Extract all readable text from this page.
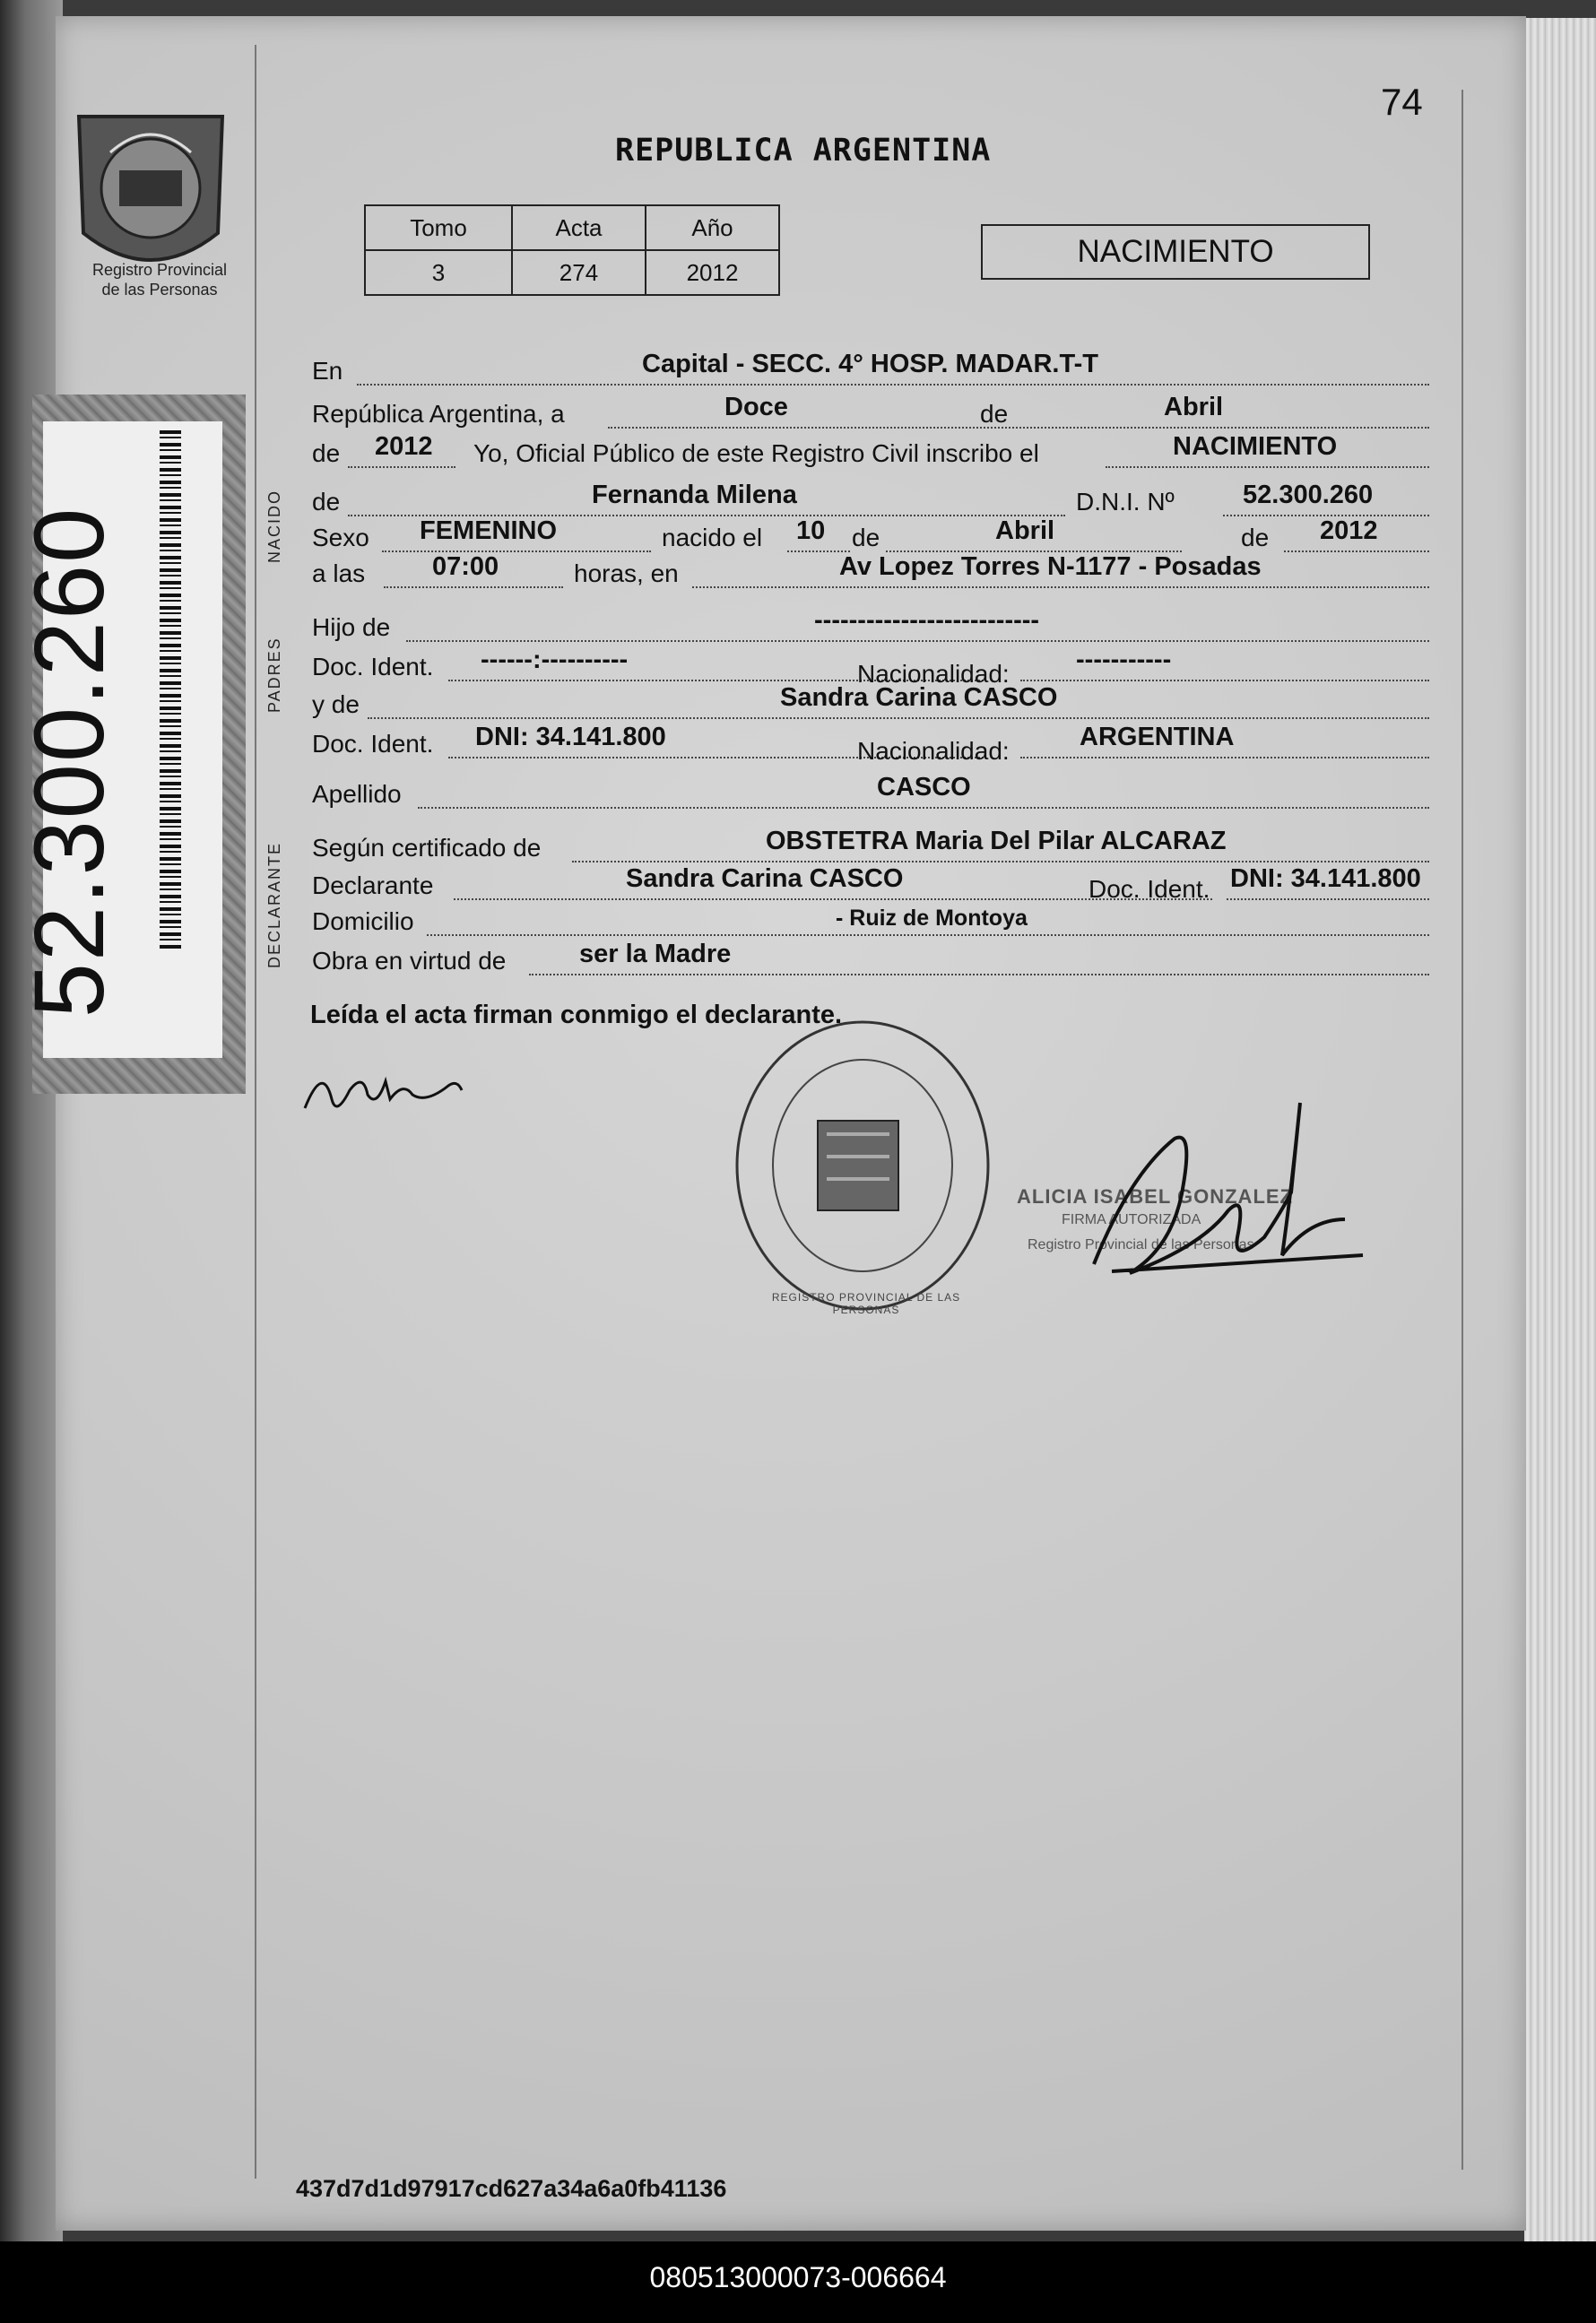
Registro Provincial
de las Personas
52.300.260
74
REPUBLICA ARGENTINA
Tomo	Acta	Año
3	274	2012
NACIMIENTO
NACIDO
PADRES
DECLARANTE
En	Capital - SECC. 4° HOSP. MADAR.T-T
República Argentina, a	Doce	de	Abril
de 2012 Yo, Oficial Público de este Registro Civil inscribo el	NACIMIENTO
de	Fernanda Milena	D.N.I. Nº	52.300.260
Sexo FEMENINO	nacido el 10 de	Abril	de 2012
a las	07:00	horas, en	Av Lopez Torres N-1177 - Posadas
Hijo de	--------------------------
Doc. Ident. ------:----------	Nacionalidad:	-----------
y de	Sandra Carina CASCO
Doc. Ident. DNI: 34.141.800	Nacionalidad:	ARGENTINA
Apellido	CASCO
Según certificado de	OBSTETRA Maria Del Pilar ALCARAZ
Declarante	Sandra Carina CASCO	Doc. Ident. DNI: 34.141.800
Domicilio	- Ruiz de Montoya
Obra en virtud de	ser la Madre
Leída el acta firman conmigo el declarante.
REGISTRO PROVINCIAL DE LAS PERSONAS
ALICIA ISABEL GONZALEZ
FIRMA AUTORIZADA
Registro Provincial de las Personas
437d7d1d97917cd627a34a6a0fb41136
080513000073-006664
